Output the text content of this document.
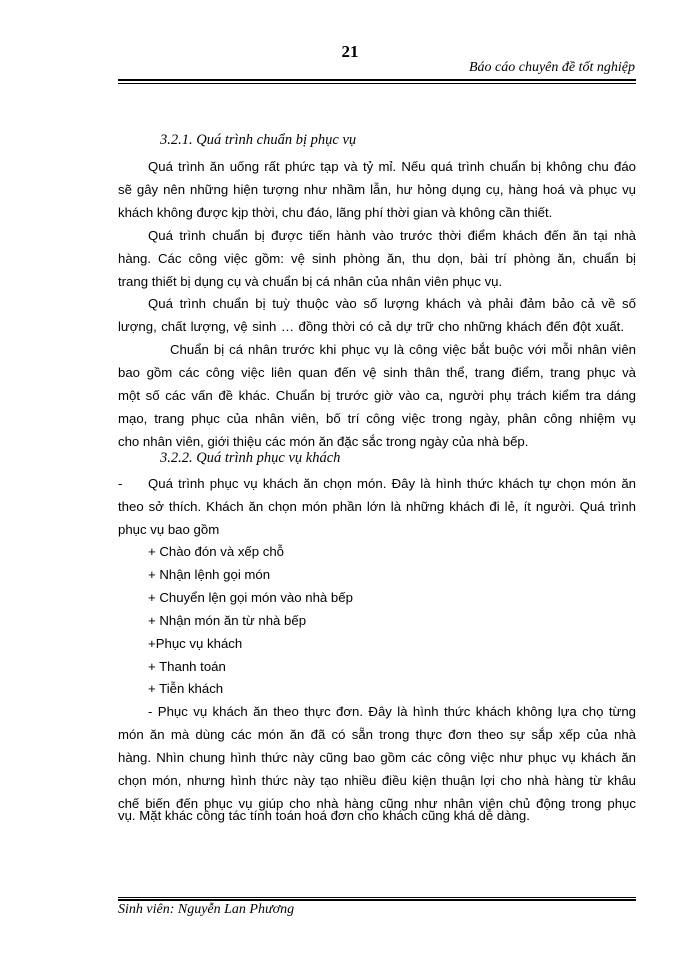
21
Báo cáo chuyên đề tốt nghiệp
3.2.1. Quá trình chuẩn bị phục vụ
Quá trình ăn uống rất phức tạp và tỷ mỉ. Nếu quá trình chuẩn bị không chu đáo
sẽ gây nên những hiện tượng như nhầm lẫn, hư hỏng dụng cụ, hàng hoá và phục vụ
khách không được kịp thời, chu đáo, lãng phí thời gian và không cần thiết.
Quá trình chuẩn bị được tiến hành vào trước thời điểm khách đến ăn tại nhà
hàng. Các công việc gồm: vệ sinh phòng ăn, thu dọn, bài trí phòng ăn, chuẩn bị
trang thiết bị dụng cụ và chuẩn bị cá nhân của nhân viên phục vụ.
Quá trình chuẩn bị tuỳ thuộc vào số lượng khách và phải đảm bảo cả về số
lượng, chất lượng, vệ sinh … đồng thời có cả dự trữ cho những khách đến đột xuất.
Chuẩn bị cá nhân trước khi phục vụ là công việc bắt buộc với mỗi nhân viên
bao gồm các công việc liên quan đến vệ sinh thân thể, trang điểm, trang phục và
một số các vấn đề khác. Chuẩn bị trước giờ vào ca, người phụ trách kiểm tra dáng
mạo, trang phục của nhân viên, bố trí công việc trong ngày, phân công nhiệm vụ
cho nhân viên, giới thiệu các món ăn đặc sắc trong ngày của nhà bếp.
3.2.2. Quá trình phục vụ khách
-	Quá trình phục vụ khách ăn chọn món. Đây là hình thức khách tự chọn món ăn
theo sở thích. Khách ăn chọn món phần lớn là những khách đi lẻ, ít người. Quá trình
phục vụ bao gồm
+ Chào đón và xếp chỗ
+ Nhận lệnh gọi món
+ Chuyển lện gọi món vào nhà bếp
+ Nhận món ăn từ nhà bếp
+Phục vụ khách
+ Thanh toán
+ Tiễn khách
- Phục vụ khách ăn theo thực đơn. Đây là hình thức khách không lựa chọ từng
món ăn mà dùng các món ăn đã có sẵn trong thực đơn theo sự sắp xếp của nhà
hàng. Nhìn chung hình thức này cũng bao gồm các công việc như phục vụ khách ăn
chọn món, nhưng hình thức này tạo nhiều điều kiện thuận lợi cho nhà hàng từ khâu
chế biến đến phục vụ giúp cho nhà hàng cũng như nhân viên chủ động trong phục
vụ. Mặt khác công tác tính toán hoá đơn cho khách cũng khá dễ dàng.
Sinh viên: Nguyễn Lan Phương
